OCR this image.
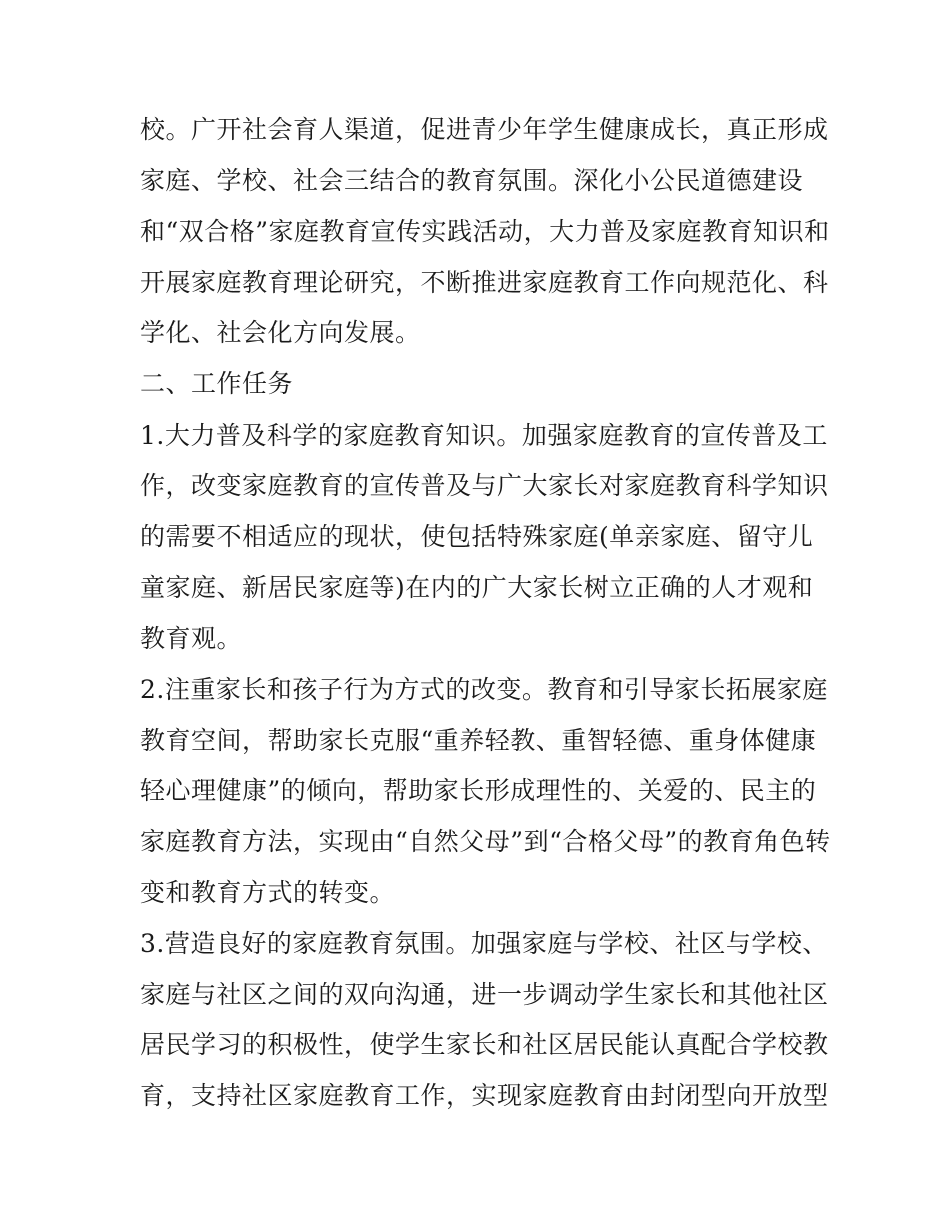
校。广开社会育人渠道，促进青少年学生健康成长，真正形成
家庭、学校、社会三结合的教育氛围。深化小公民道德建设
和“双合格”家庭教育宣传实践活动，大力普及家庭教育知识和
开展家庭教育理论研究，不断推进家庭教育工作向规范化、科
学化、社会化方向发展。
二、工作任务
1.大力普及科学的家庭教育知识。加强家庭教育的宣传普及工
作，改变家庭教育的宣传普及与广大家长对家庭教育科学知识
的需要不相适应的现状，使包括特殊家庭(单亲家庭、留守儿
童家庭、新居民家庭等)在内的广大家长树立正确的人才观和
教育观。
2.注重家长和孩子行为方式的改变。教育和引导家长拓展家庭
教育空间，帮助家长克服“重养轻教、重智轻德、重身体健康
轻心理健康”的倾向，帮助家长形成理性的、关爱的、民主的
家庭教育方法，实现由“自然父母”到“合格父母”的教育角色转
变和教育方式的转变。
3.营造良好的家庭教育氛围。加强家庭与学校、社区与学校、
家庭与社区之间的双向沟通，进一步调动学生家长和其他社区
居民学习的积极性，使学生家长和社区居民能认真配合学校教
育，支持社区家庭教育工作，实现家庭教育由封闭型向开放型
